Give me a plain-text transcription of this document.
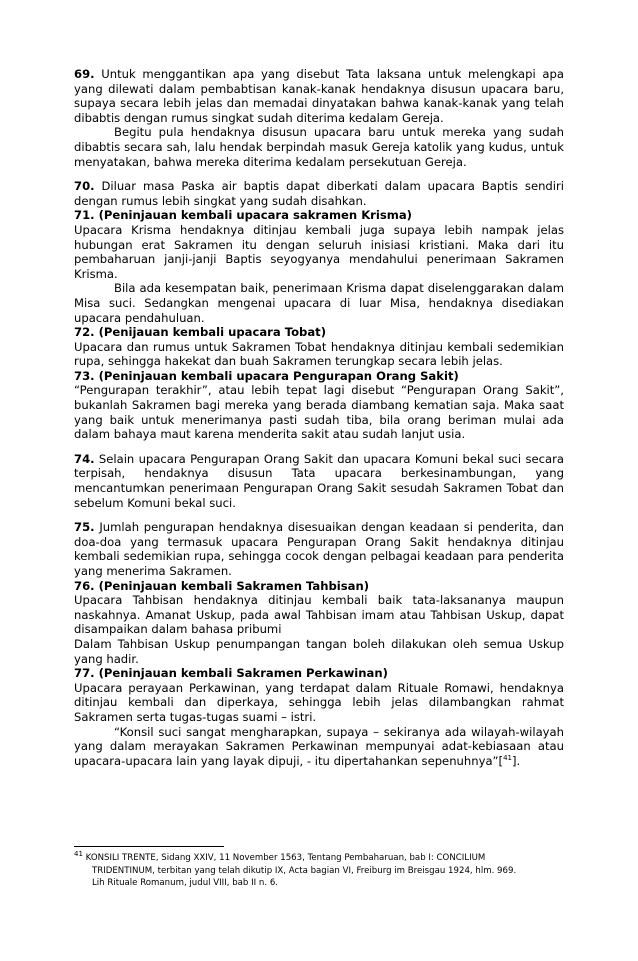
69. Untuk menggantikan apa yang disebut Tata laksana untuk melengkapi apa yang dilewati dalam pembabtisan kanak-kanak hendaknya disusun upacara baru, supaya secara lebih jelas dan memadai dinyatakan bahwa kanak-kanak yang telah dibabtis dengan rumus singkat sudah diterima kedalam Gereja.

Begitu pula hendaknya disusun upacara baru untuk mereka yang sudah dibabtis secara sah, lalu hendak berpindah masuk Gereja katolik yang kudus, untuk menyatakan, bahwa mereka diterima kedalam persekutuan Gereja.

70. Diluar masa Paska air baptis dapat diberkati dalam upacara Baptis sendiri dengan rumus lebih singkat yang sudah disahkan.

71. (Peninjauan kembali upacara sakramen Krisma)

Upacara Krisma hendaknya ditinjau kembali juga supaya lebih nampak jelas hubungan erat Sakramen itu dengan seluruh inisiasi kristiani. Maka dari itu pembaharuan janji-janji Baptis seyogyanya mendahului penerimaan Sakramen Krisma.

Bila ada kesempatan baik, penerimaan Krisma dapat diselenggarakan dalam Misa suci. Sedangkan mengenai upacara di luar Misa, hendaknya disediakan upacara pendahuluan.

72. (Penijauan kembali upacara Tobat)

Upacara dan rumus untuk Sakramen Tobat hendaknya ditinjau kembali sedemikian rupa, sehingga hakekat dan buah Sakramen terungkap secara lebih jelas.

73. (Peninjauan kembali upacara Pengurapan Orang Sakit)

“Pengurapan terakhir”, atau lebih tepat lagi disebut “Pengurapan Orang Sakit”, bukanlah Sakramen bagi mereka yang berada diambang kematian saja. Maka saat yang baik untuk menerimanya pasti sudah tiba, bila orang beriman mulai ada dalam bahaya maut karena menderita sakit atau sudah lanjut usia.

74. Selain upacara Pengurapan Orang Sakit dan upacara Komuni bekal suci secara terpisah, hendaknya disusun Tata upacara berkesinambungan, yang mencantumkan penerimaan Pengurapan Orang Sakit sesudah Sakramen Tobat dan sebelum Komuni bekal suci.

75. Jumlah pengurapan hendaknya disesuaikan dengan keadaan si penderita, dan doa-doa yang termasuk upacara Pengurapan Orang Sakit hendaknya ditinjau kembali sedemikian rupa, sehingga cocok dengan pelbagai keadaan para penderita yang menerima Sakramen.

76. (Peninjauan kembali Sakramen Tahbisan)

Upacara Tahbisan hendaknya ditinjau kembali baik tata-laksananya maupun naskahnya. Amanat Uskup, pada awal Tahbisan imam atau Tahbisan Uskup, dapat disampaikan dalam bahasa pribumi

Dalam Tahbisan Uskup penumpangan tangan boleh dilakukan oleh semua Uskup yang hadir.

77. (Peninjauan kembali Sakramen Perkawinan)

Upacara perayaan Perkawinan, yang terdapat dalam Rituale Romawi, hendaknya ditinjau kembali dan diperkaya, sehingga lebih jelas dilambangkan rahmat Sakramen serta tugas-tugas suami – istri.

“Konsil suci sangat mengharapkan, supaya – sekiranya ada wilayah-wilayah yang dalam merayakan Sakramen Perkawinan mempunyai adat-kebiasaan atau upacara-upacara lain yang layak dipuji, - itu dipertahankan sepenuhnya”[$^{41}$].

$^{41}$ KONSILI TRENTE, Sidang XXIV, 11 November 1563, Tentang Pembaharuan, bab I: CONCILIUM
TRIDENTINUM, terbitan yang telah dikutip IX, Acta bagian VI, Freiburg im Breisgau 1924, hlm. 969.
Lih Rituale Romanum, judul VIII, bab II n. 6.
